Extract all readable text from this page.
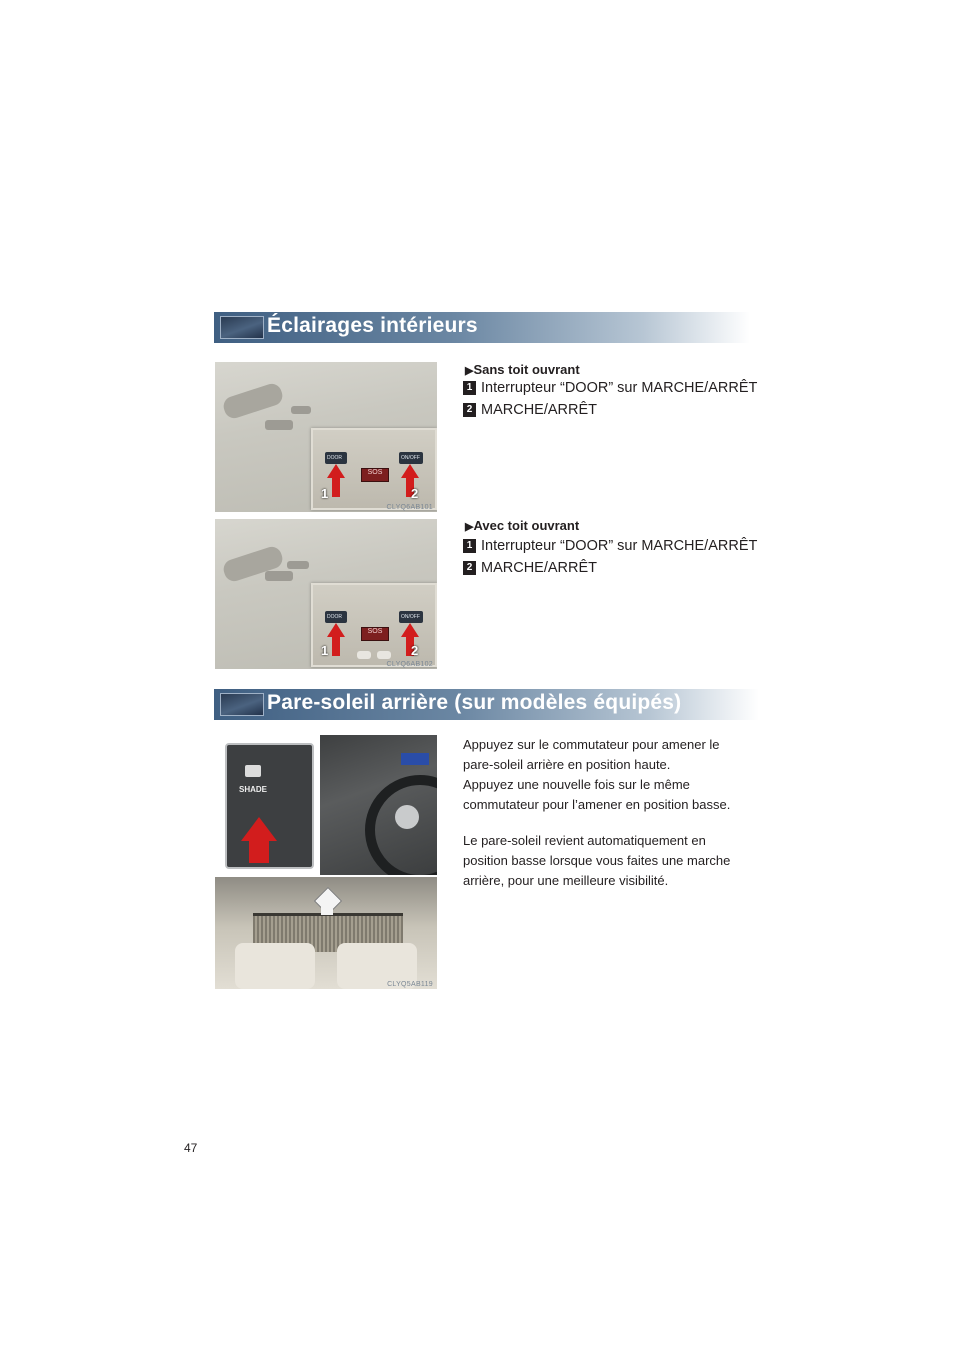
Éclairages intérieurs
DOOR	ON/OFF
SOS
1	2
CLYQ6AB101
▶Sans toit ouvrant
1 Interrupteur “DOOR” sur MARCHE/ARRÊT
2 MARCHE/ARRÊT
DOOR	ON/OFF
SOS
1	2
CLYQ6AB102
▶Avec toit ouvrant
1 Interrupteur “DOOR” sur MARCHE/ARRÊT
2 MARCHE/ARRÊT
Pare-soleil arrière (sur modèles équipés)
SHADE
CLYQ5AB119
Appuyez sur le commutateur pour amener le
pare-soleil arrière en position haute.
Appuyez une nouvelle fois sur le même
commutateur pour l’amener en position basse.
Le pare-soleil revient automatiquement en
position basse lorsque vous faites une marche
arrière, pour une meilleure visibilité.
47
